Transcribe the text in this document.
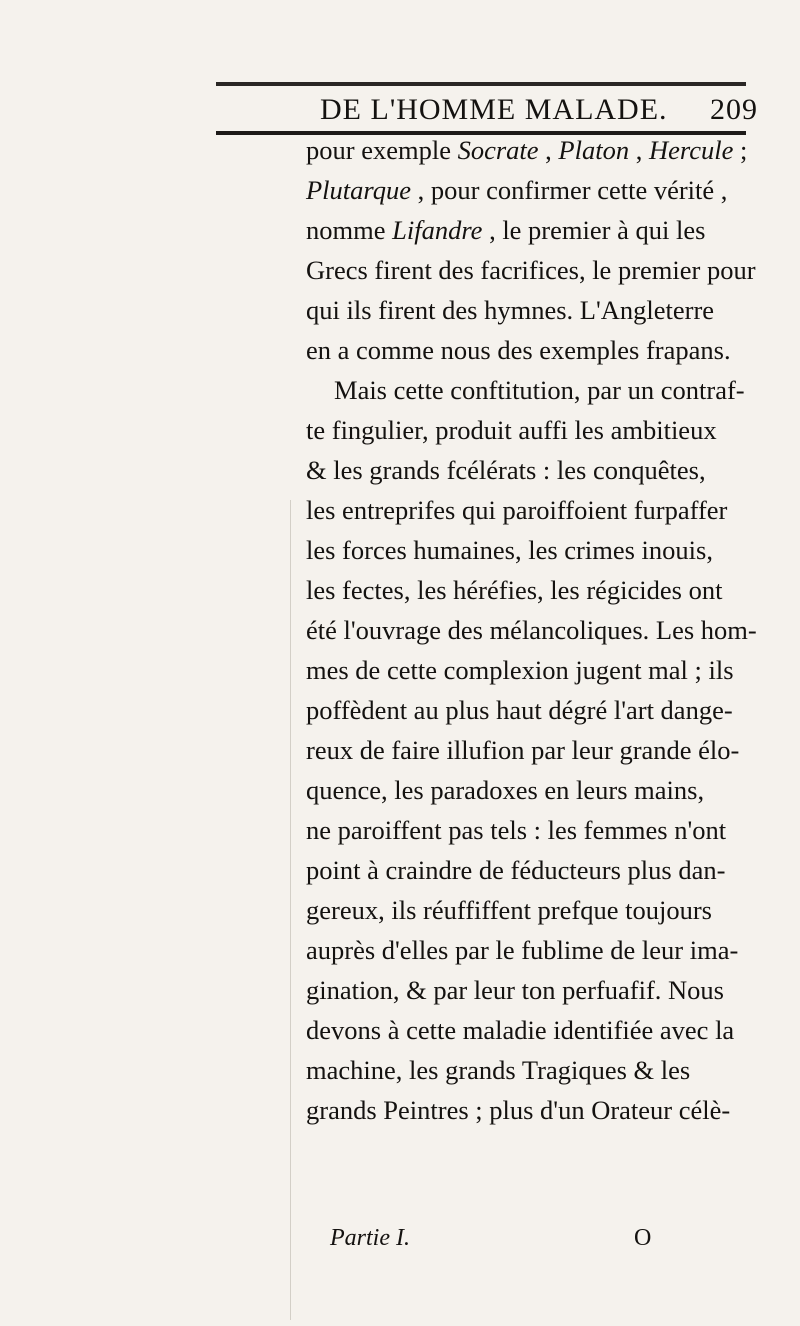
DE L'HOMME MALADE. 209
pour exemple Socrate , Platon , Hercule ;
Plutarque , pour confirmer cette vérité ,
nomme Lifandre , le premier à qui les
Grecs firent des facrifices, le premier pour
qui ils firent des hymnes. L'Angleterre
en a comme nous des exemples frapans.
Mais cette conftitution, par un contraf-
te fingulier, produit auffi les ambitieux
& les grands fcélérats : les conquêtes,
les entreprifes qui paroiffoient furpaffer
les forces humaines, les crimes inouis,
les fectes, les héréfies, les régicides ont
été l'ouvrage des mélancoliques. Les hom-
mes de cette complexion jugent mal ; ils
poffèdent au plus haut dégré l'art dange-
reux de faire illufion par leur grande élo-
quence, les paradoxes en leurs mains,
ne paroiffent pas tels : les femmes n'ont
point à craindre de féducteurs plus dan-
gereux, ils réuffiffent prefque toujours
auprès d'elles par le fublime de leur ima-
gination, & par leur ton perfuafif. Nous
devons à cette maladie identifiée avec la
machine, les grands Tragiques & les
grands Peintres ; plus d'un Orateur célè-
Partie I.	O
